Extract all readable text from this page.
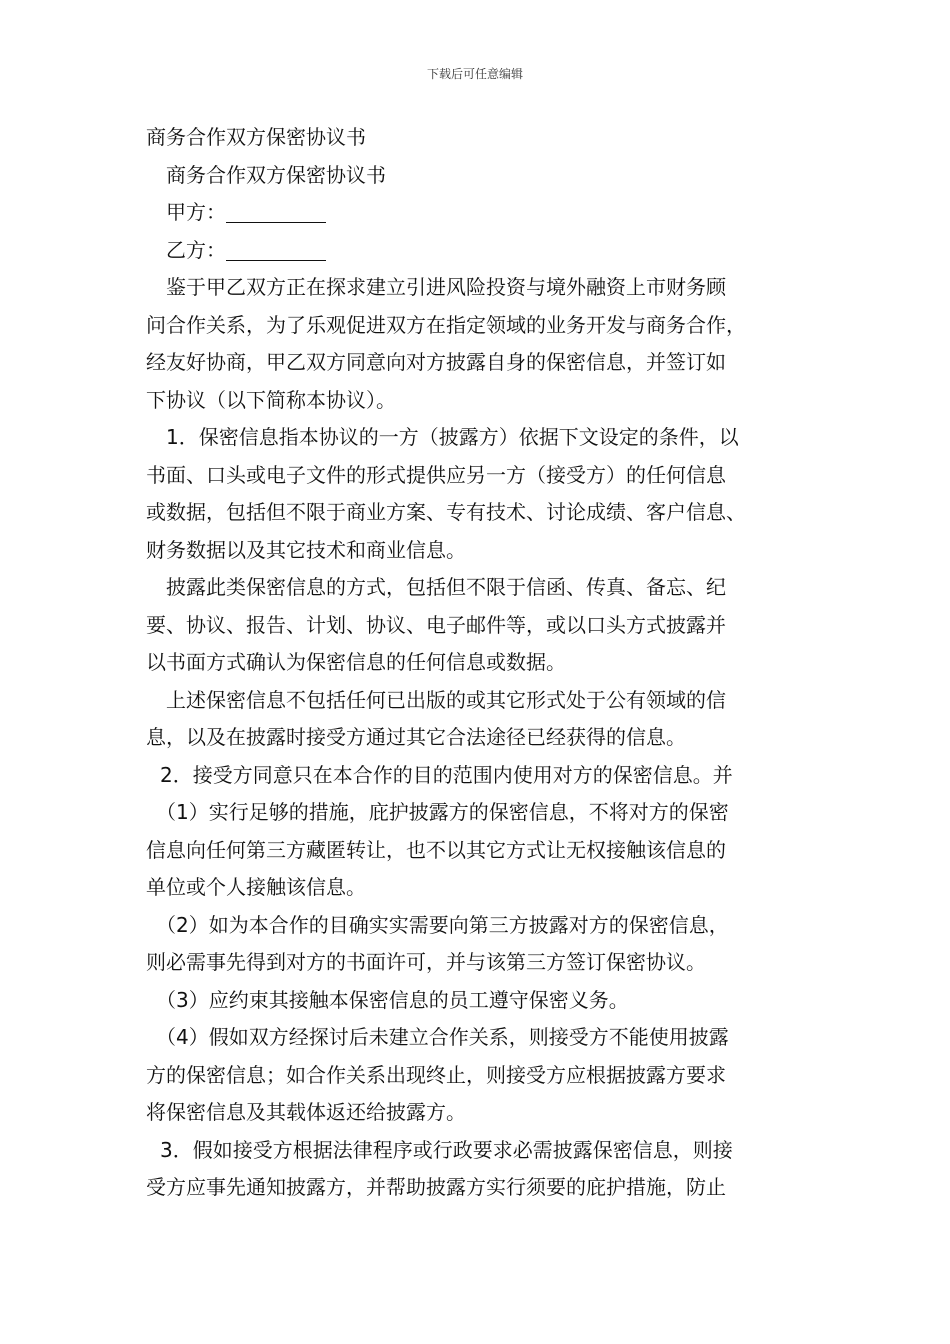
下载后可任意编辑
商务合作双方保密协议书
商务合作双方保密协议书
甲方：
乙方：
鉴于甲乙双方正在探求建立引进风险投资与境外融资上市财务顾
问合作关系，为了乐观促进双方在指定领域的业务开发与商务合作，
经友好协商，甲乙双方同意向对方披露自身的保密信息，并签订如
下协议（以下简称本协议）。
1．保密信息指本协议的一方（披露方）依据下文设定的条件，以
书面、口头或电子文件的形式提供应另一方（接受方）的任何信息
或数据，包括但不限于商业方案、专有技术、讨论成绩、客户信息、
财务数据以及其它技术和商业信息。
披露此类保密信息的方式，包括但不限于信函、传真、备忘、纪
要、协议、报告、计划、协议、电子邮件等，或以口头方式披露并
以书面方式确认为保密信息的任何信息或数据。
上述保密信息不包括任何已出版的或其它形式处于公有领域的信
息，以及在披露时接受方通过其它合法途径已经获得的信息。
2．接受方同意只在本合作的目的范围内使用对方的保密信息。并
（1）实行足够的措施，庇护披露方的保密信息，不将对方的保密
信息向任何第三方藏匿转让，也不以其它方式让无权接触该信息的
单位或个人接触该信息。
（2）如为本合作的目确实实需要向第三方披露对方的保密信息，
则必需事先得到对方的书面许可，并与该第三方签订保密协议。
（3）应约束其接触本保密信息的员工遵守保密义务。
（4）假如双方经探讨后未建立合作关系，则接受方不能使用披露
方的保密信息；如合作关系出现终止，则接受方应根据披露方要求
将保密信息及其载体返还给披露方。
3．假如接受方根据法律程序或行政要求必需披露保密信息，则接
受方应事先通知披露方，并帮助披露方实行须要的庇护措施，防止
